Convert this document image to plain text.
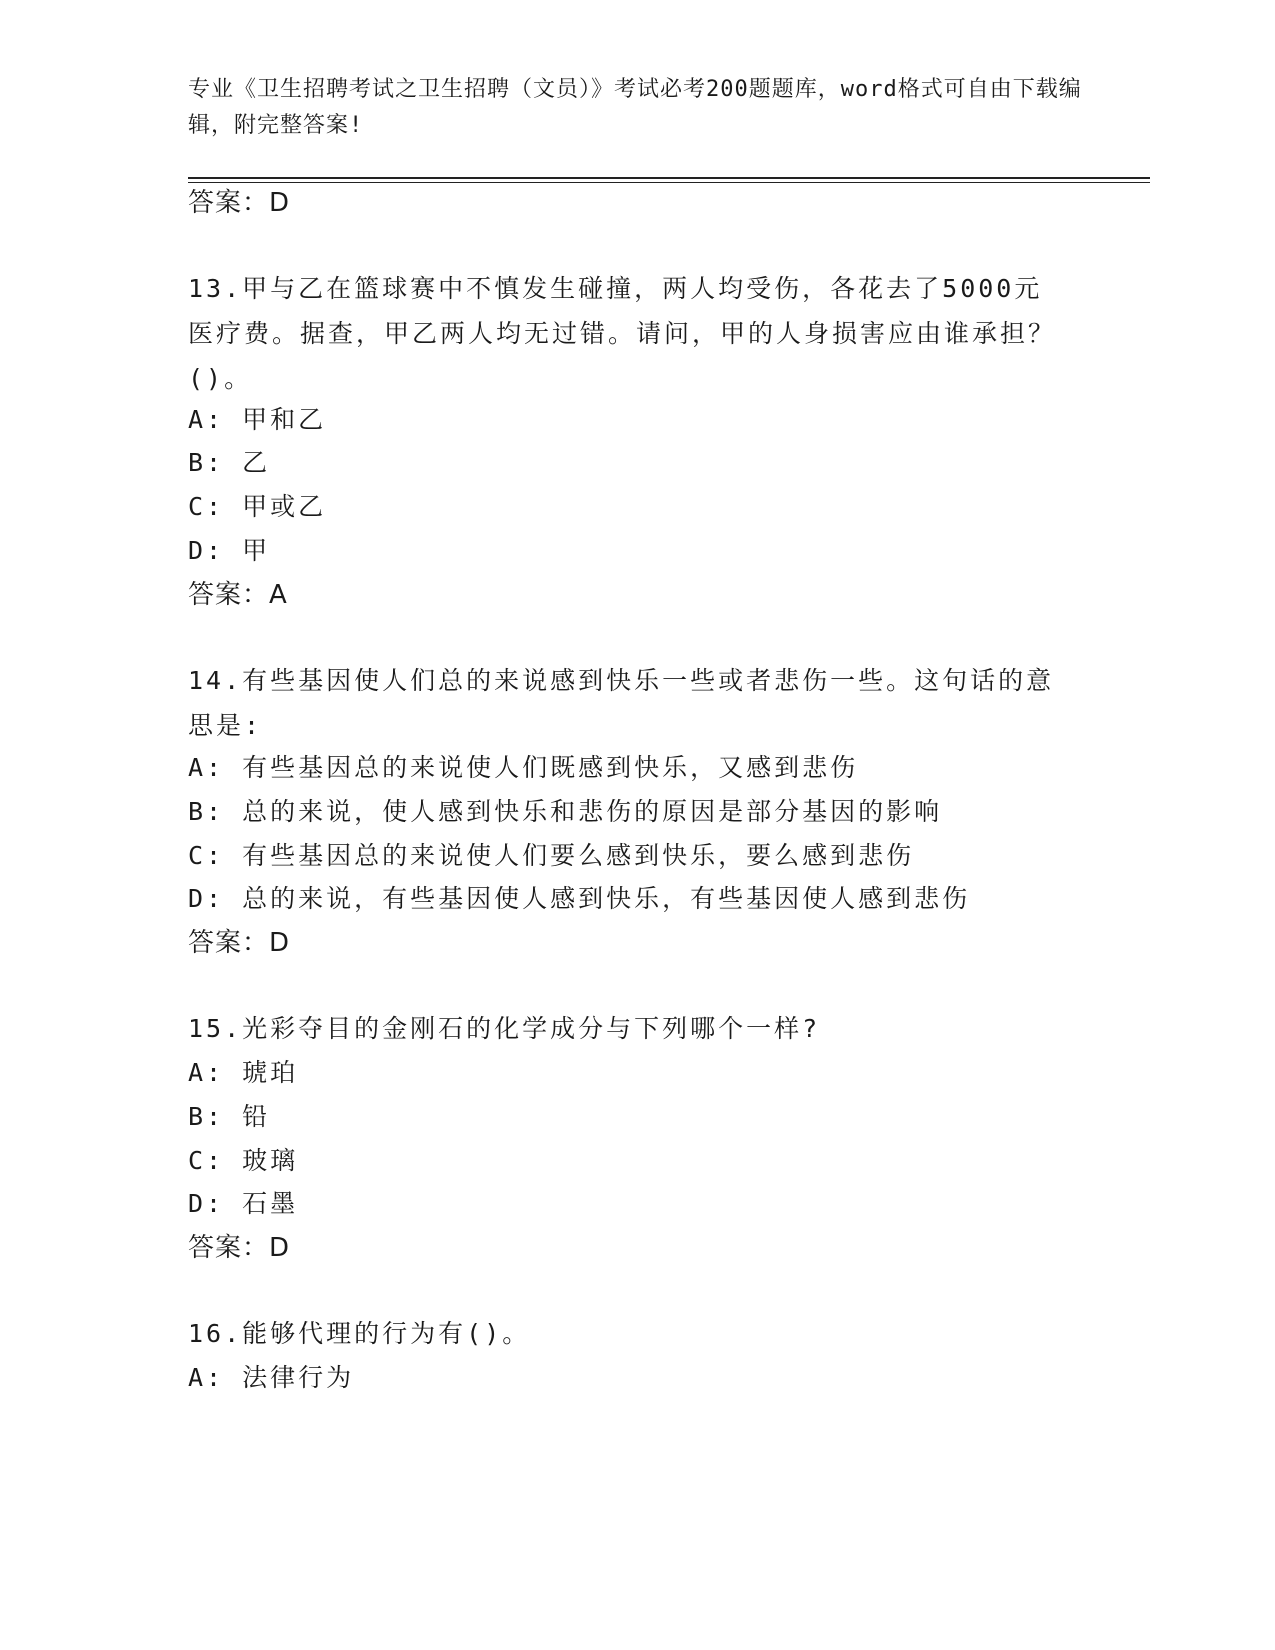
专业《卫生招聘考试之卫生招聘（文员）》考试必考200题题库，word格式可自由下载编辑，附完整答案!
答案：D
13.甲与乙在篮球赛中不慎发生碰撞，两人均受伤，各花去了5000元医疗费。据查，甲乙两人均无过错。请问，甲的人身损害应由谁承担？()。
A: 甲和乙
B: 乙
C: 甲或乙
D: 甲
答案：A
14.有些基因使人们总的来说感到快乐一些或者悲伤一些。这句话的意思是:
A: 有些基因总的来说使人们既感到快乐，又感到悲伤
B: 总的来说，使人感到快乐和悲伤的原因是部分基因的影响
C: 有些基因总的来说使人们要么感到快乐，要么感到悲伤
D: 总的来说，有些基因使人感到快乐，有些基因使人感到悲伤
答案：D
15.光彩夺目的金刚石的化学成分与下列哪个一样?
A: 琥珀
B: 铅
C: 玻璃
D: 石墨
答案：D
16.能够代理的行为有()。
A: 法律行为
